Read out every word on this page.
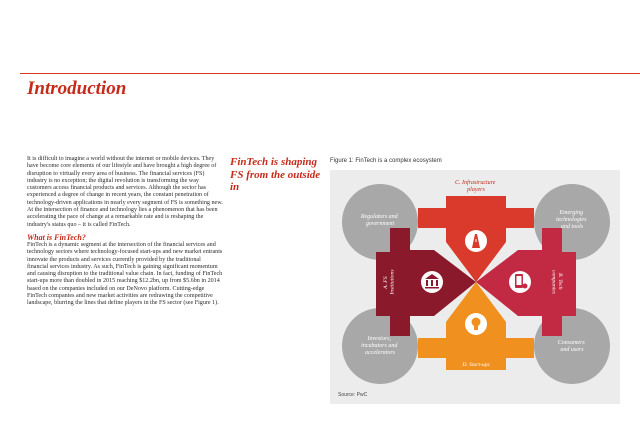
Introduction

It is difficult to imagine a world without the internet or mobile devices. They have become core elements of our lifestyle and have brought a high degree of disruption to virtually every area of business. The financial services (FS) industry is no exception; the digital revolution is transforming the way customers access financial products and services. Although the sector has experienced a degree of change in recent years, the constant penetration of technology-driven applications in nearly every segment of FS is something new. At the intersection of finance and technology lies a phenomenon that has been accelerating the pace of change at a remarkable rate and is reshaping the industry's status quo – it is called FinTech.

What is FinTech?

FinTech is a dynamic segment at the intersection of the financial services and technology sectors where technology-focused start-ups and new market entrants innovate the products and services currently provided by the traditional financial services industry. As such, FinTech is gaining significant momentum and causing disruption to the traditional value chain. In fact, funding of FinTech start-ups more than doubled in 2015 reaching $12.2bn, up from $5.6bn in 2014 based on the companies included on our DeNovo platform. Cutting-edge FinTech companies and new market activities are redrawing the competitive landscape, blurring the lines that define players in the FS sector (see Figure 1).

FinTech is shaping FS from the outside in

Figure 1: FinTech is a complex ecosystem
C. Infrastructure players
A. FS Institutions	B. Tech companies
D. Start-ups
Regulators and government
Emerging technologies and tools
Investors, incubators and accelerators
Consumers and users
Source: PwC
